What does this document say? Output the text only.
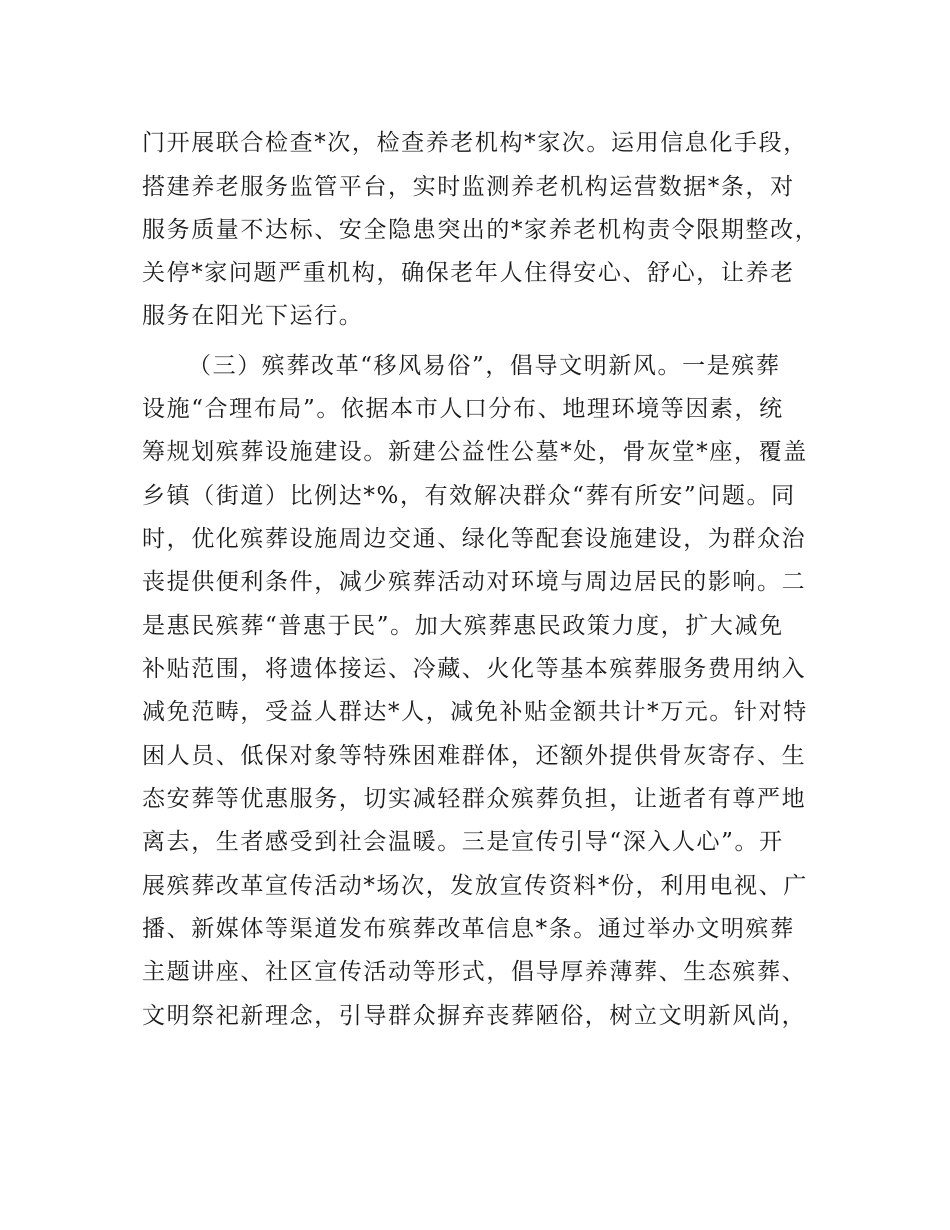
门开展联合检查*次，检查养老机构*家次。运用信息化手段，
搭建养老服务监管平台，实时监测养老机构运营数据*条，对
服务质量不达标、安全隐患突出的*家养老机构责令限期整改，
关停*家问题严重机构，确保老年人住得安心、舒心，让养老
服务在阳光下运行。
（三）殡葬改革“移风易俗”，倡导文明新风。一是殡葬
设施“合理布局”。依据本市人口分布、地理环境等因素，统
筹规划殡葬设施建设。新建公益性公墓*处，骨灰堂*座，覆盖
乡镇（街道）比例达*%，有效解决群众“葬有所安”问题。同
时，优化殡葬设施周边交通、绿化等配套设施建设，为群众治
丧提供便利条件，减少殡葬活动对环境与周边居民的影响。二
是惠民殡葬“普惠于民”。加大殡葬惠民政策力度，扩大减免
补贴范围，将遗体接运、冷藏、火化等基本殡葬服务费用纳入
减免范畴，受益人群达*人，减免补贴金额共计*万元。针对特
困人员、低保对象等特殊困难群体，还额外提供骨灰寄存、生
态安葬等优惠服务，切实减轻群众殡葬负担，让逝者有尊严地
离去，生者感受到社会温暖。三是宣传引导“深入人心”。开
展殡葬改革宣传活动*场次，发放宣传资料*份，利用电视、广
播、新媒体等渠道发布殡葬改革信息*条。通过举办文明殡葬
主题讲座、社区宣传活动等形式，倡导厚养薄葬、生态殡葬、
文明祭祀新理念，引导群众摒弃丧葬陋俗，树立文明新风尚，
